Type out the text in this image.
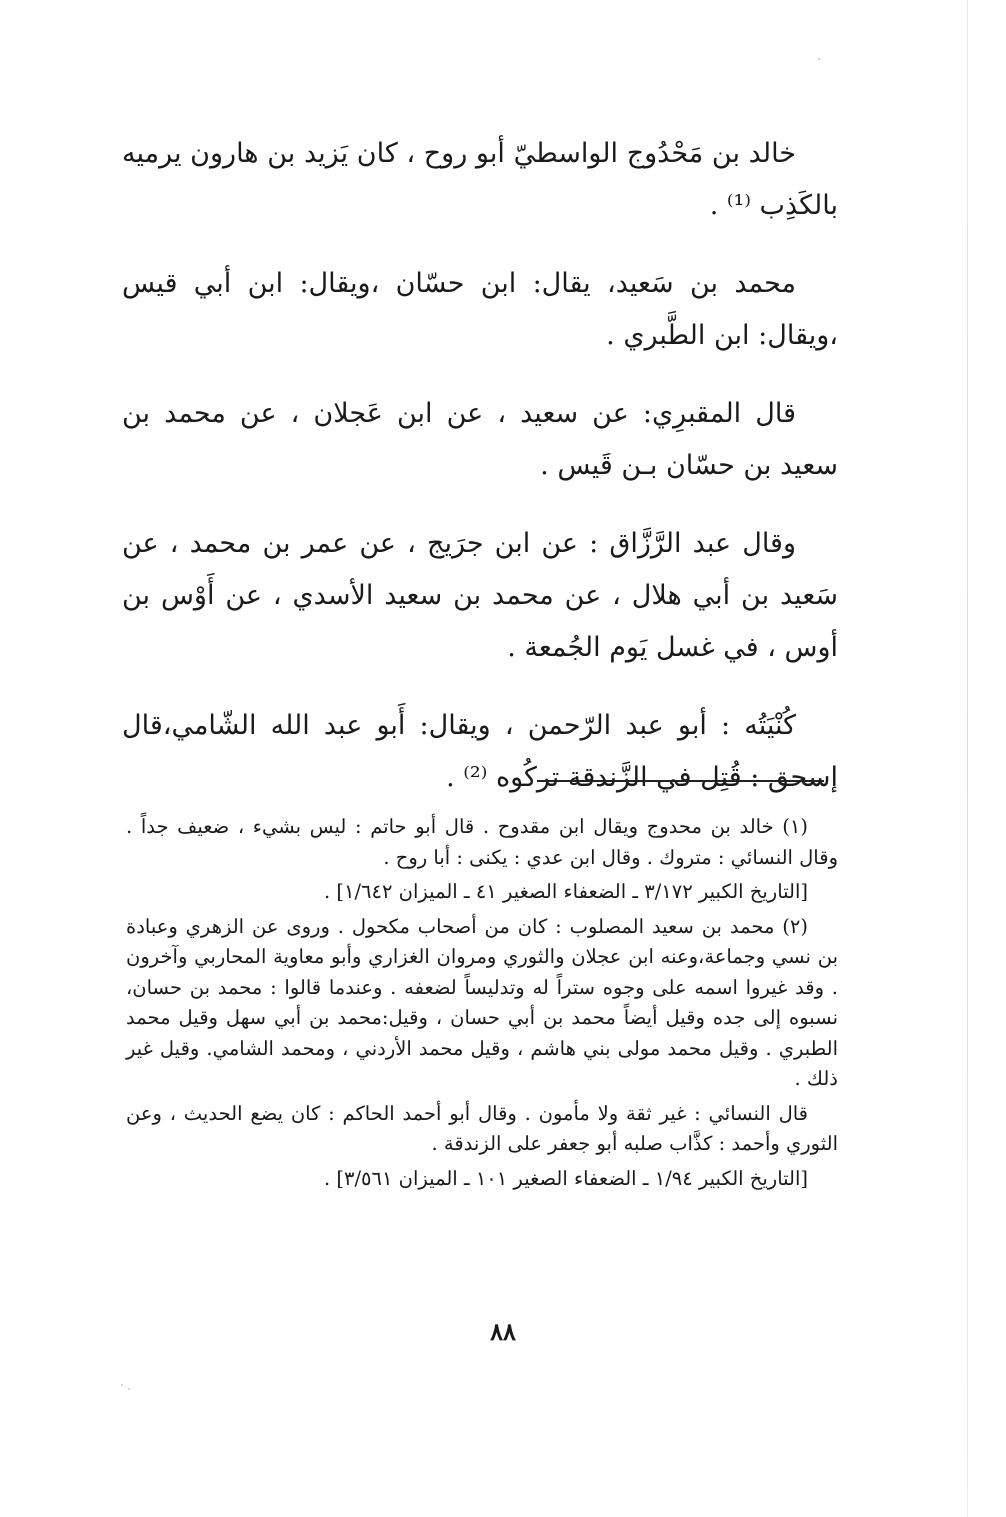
خالد بن مَحْدُوج الواسطيّ أبو روح ، كان يَزيد بن هارون يرميه بالكَذِب ⁽¹⁾ .

محمد بن سَعيد، يقال: ابن حسّان ،ويقال: ابن أبي قيس ،ويقال: ابن الطَّبري .

قال المقبرِي: عن سعيد ، عن ابن عَجلان ، عن محمد بن سعيد بن حسّان بـن قَيس .

وقال عبد الرَّزَّاق : عن ابن جرَيج ، عن عمر بن محمد ، عن سَعيد بن أبي هلال ، عن محمد بن سعيد الأسدي ، عن أَوْس بن أوس ، في غسل يَوم الجُمعة .

كُنْيَتُه : أبو عبد الرّحمن ، ويقال: أَبو عبد الله الشّامي،قال إسحق : قُتِل في الزَّندقة تركُوه ⁽²⁾ .

(١) خالد بن محدوج ويقال ابن مقدوح . قال أبو حاتم : ليس بشيء ، ضعيف جداً . وقال النسائي : متروك . وقال ابن عدي : يكنى : أبا روح .

[التاريخ الكبير ٣/١٧٢ ـ الضعفاء الصغير ٤١ ـ الميزان ١/٦٤٢] .

(٢) محمد بن سعيد المصلوب : كان من أصحاب مكحول . وروى عن الزهري وعبادة بن نسي وجماعة،وعنه ابن عجلان والثوري ومروان الغزاري وأبو معاوية المحاربي وآخرون . وقد غيروا اسمه على وجوه ستراً له وتدليساً لضعفه . وعندما قالوا : محمد بن حسان، نسبوه إلى جده وقيل أيضاً محمد بن أبي حسان ، وقيل:محمد بن أبي سهل وقيل محمد الطبري . وقيل محمد مولى بني هاشم ، وقيل محمد الأردني ، ومحمد الشامي. وقيل غير ذلك .

قال النسائي : غير ثقة ولا مأمون . وقال أبو أحمد الحاكم : كان يضع الحديث ، وعن الثوري وأحمد : كذَّاب صلبه أبو جعفر على الزندقة .

[التاريخ الكبير ١/٩٤ ـ الضعفاء الصغير ١٠١ ـ الميزان ٣/٥٦١] .

٨٨
